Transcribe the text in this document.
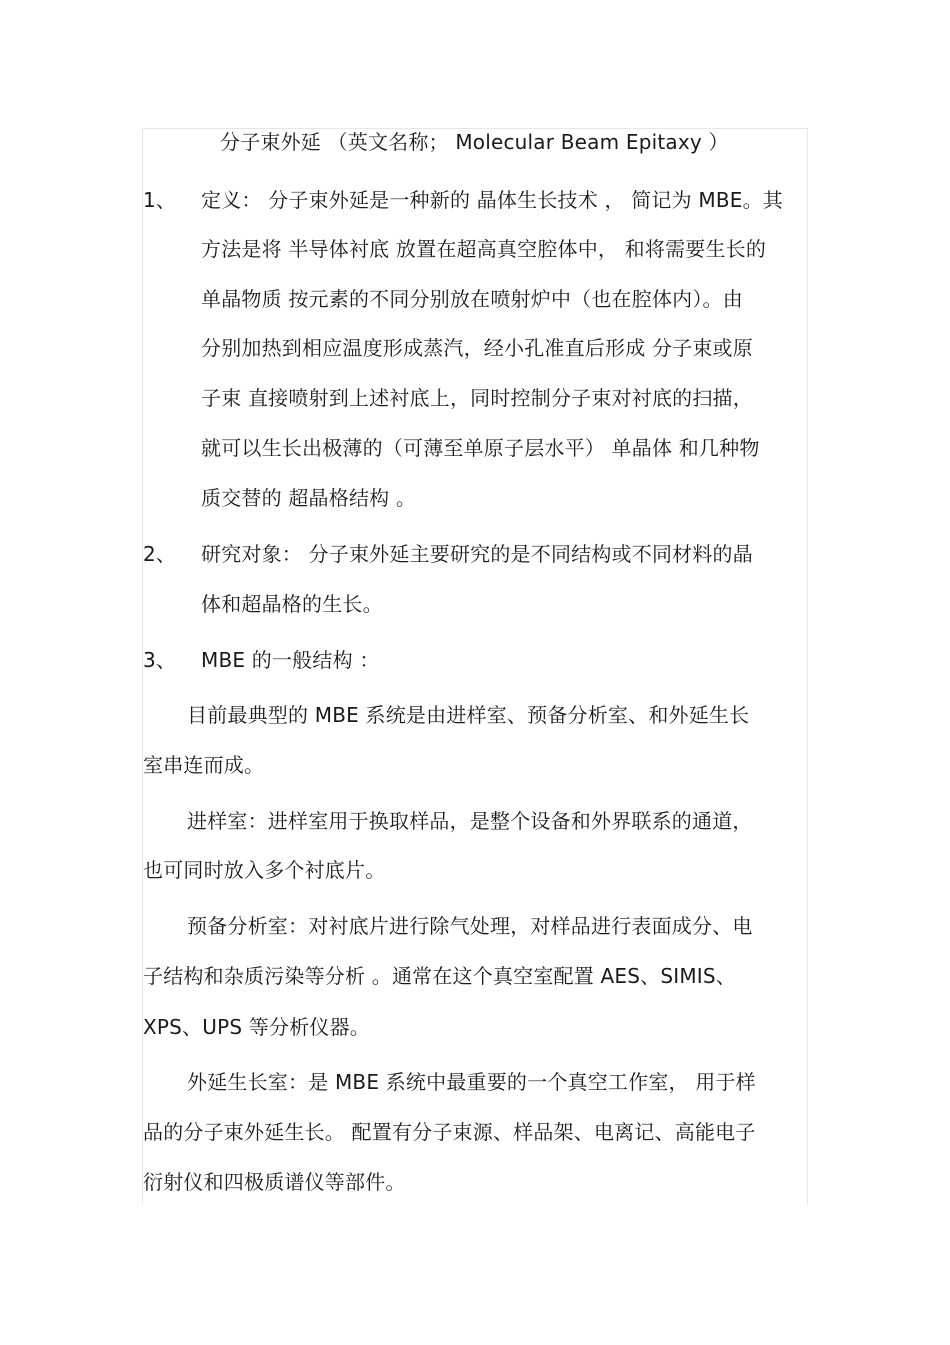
分子束外延 （英文名称； Molecular Beam Epitaxy ）
1、 定义： 分子束外延是一种新的 晶体生长技术 ， 简记为 MBE。其
方法是将 半导体衬底 放置在超高真空腔体中， 和将需要生长的
单晶物质 按元素的不同分别放在喷射炉中（也在腔体内）。由
分别加热到相应温度形成蒸汽，经小孔准直后形成 分子束或原
子束 直接喷射到上述衬底上，同时控制分子束对衬底的扫描，
就可以生长出极薄的（可薄至单原子层水平） 单晶体 和几种物
质交替的 超晶格结构 。
2、 研究对象： 分子束外延主要研究的是不同结构或不同材料的晶
体和超晶格的生长。
3、 MBE 的一般结构 ：
目前最典型的 MBE 系统是由进样室、预备分析室、和外延生长
室串连而成。
进样室：进样室用于换取样品，是整个设备和外界联系的通道，
也可同时放入多个衬底片。
预备分析室：对衬底片进行除气处理，对样品进行表面成分、电
子结构和杂质污染等分析 。通常在这个真空室配置 AES、SIMIS、
XPS、UPS 等分析仪器。
外延生长室：是 MBE 系统中最重要的一个真空工作室， 用于样
品的分子束外延生长。 配置有分子束源、样品架、电离记、高能电子
衍射仪和四极质谱仪等部件。
